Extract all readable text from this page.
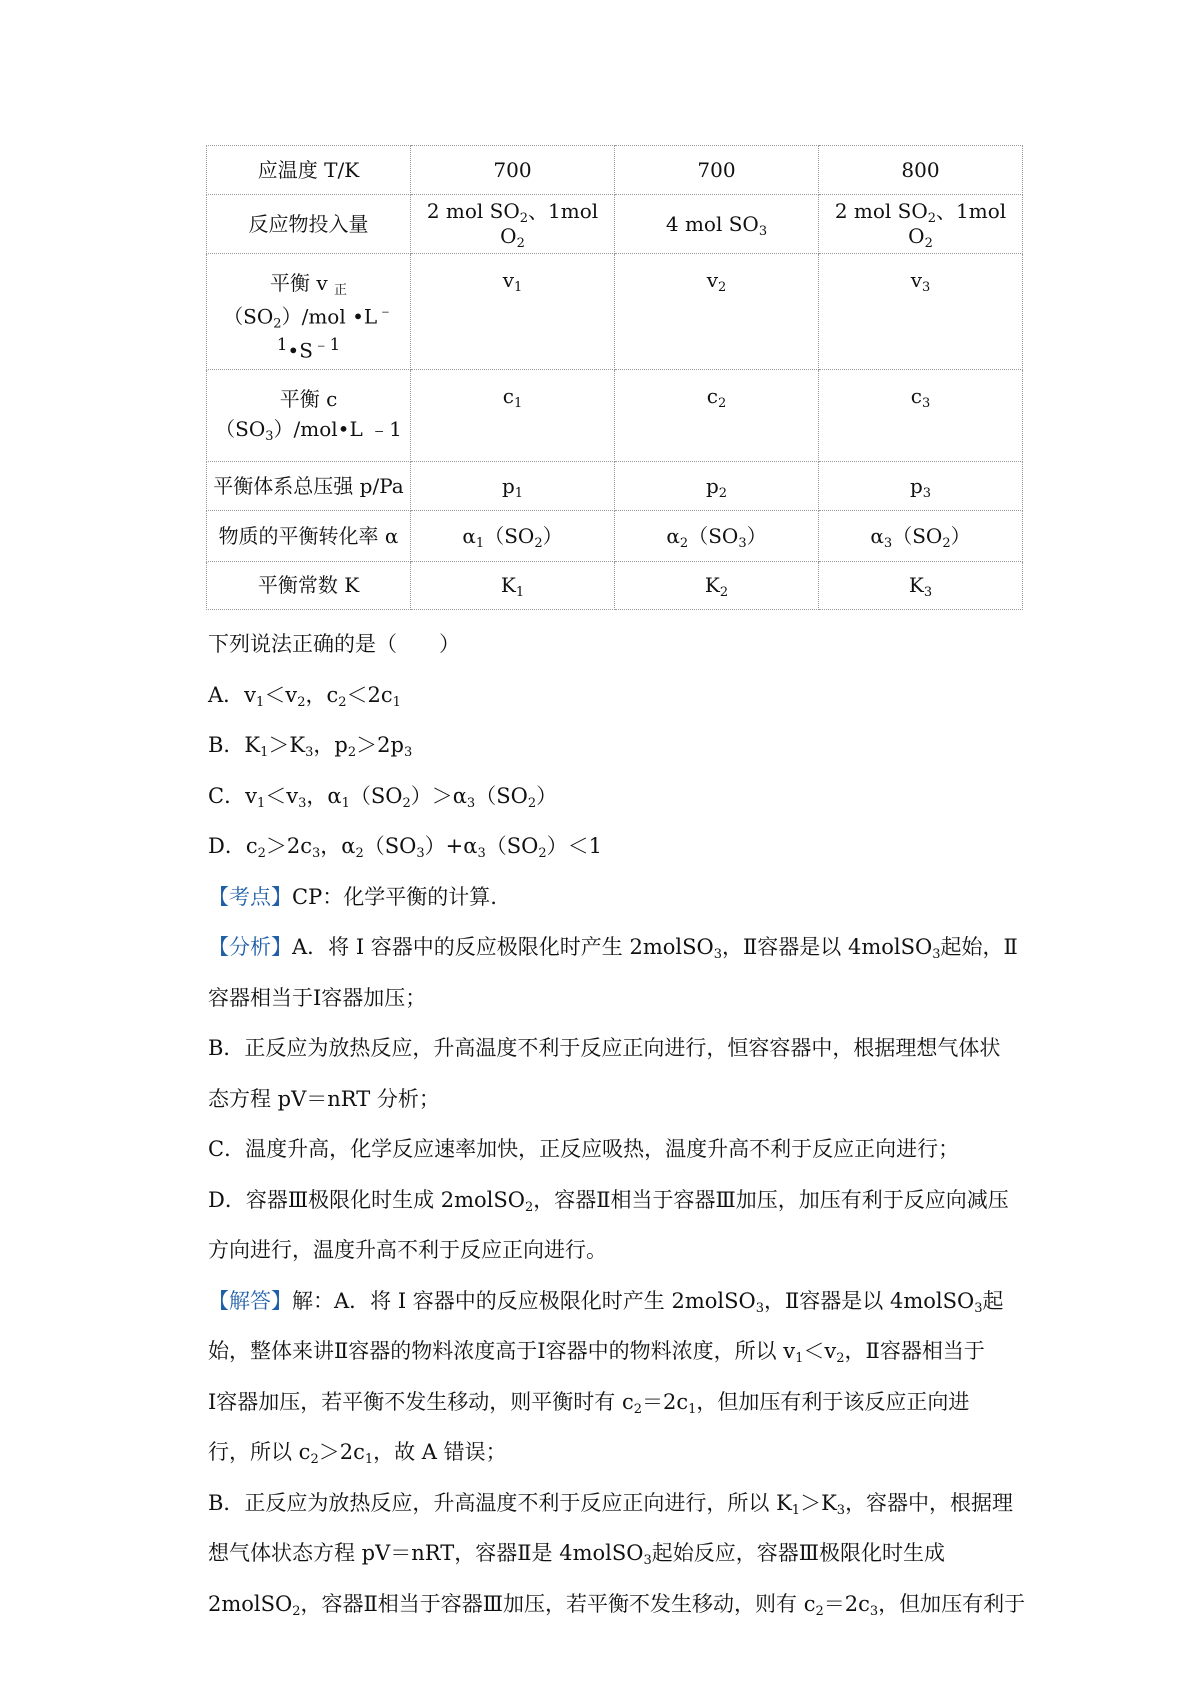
应温度 T/K	700	700	800
反应物投入量	2 mol $SO_2$、1mol $O_2$	4 mol $SO_3$	2 mol $SO_2$、1mol $O_2$
平衡 v $_正(SO_2)$/mol $•L^{﹣1}•S^{﹣1}$	$v_1$	$v_2$	$v_3$
平衡 $c(SO_3)/mol•L$ ﹣1	$c_1$	$c_2$	$c_3$
平衡体系总压强 p/Pa	$p_1$	$p_2$	$p_3$
物质的平衡转化率 α	$\alpha_1(SO_2)$	$\alpha_2(SO_3)$	$\alpha_3(SO_2)$
平衡常数 K	$K_1$	$K_2$	$K_3$
下列说法正确的是（　　）
A．$v_1<v_2$，$c_2<2c_1$
B．$K_1>K_3$，$p_2>2p_3$
C．$v_1<v_3$，$\alpha_1(SO_2)>\alpha_3(SO_2)$
D．$c_2>2c_3$，$\alpha_2(SO_3)+\alpha_3(SO_2)<1$
【考点】CP：化学平衡的计算.
【分析】A．将 I 容器中的反应极限化时产生 2molSO$_3$，Ⅱ容器是以 4molSO$_3$起始，Ⅱ
容器相当于Ⅰ容器加压；
B．正反应为放热反应，升高温度不利于反应正向进行，恒容容器中，根据理想气体状
态方程 pV＝nRT 分析；
C．温度升高，化学反应速率加快，正反应吸热，温度升高不利于反应正向进行；
D．容器Ⅲ极限化时生成 2molSO$_2$，容器Ⅱ相当于容器Ⅲ加压，加压有利于反应向减压
方向进行，温度升高不利于反应正向进行。
【解答】解：A．将 I 容器中的反应极限化时产生 2molSO$_3$，Ⅱ容器是以 4molSO$_3$起
始，整体来讲Ⅱ容器的物料浓度高于Ⅰ容器中的物料浓度，所以 $v_1<v_2$，Ⅱ容器相当于
Ⅰ容器加压，若平衡不发生移动，则平衡时有 $c_2=2c_1$，但加压有利于该反应正向进
行，所以 $c_2>2c_1$，故 A 错误；
B．正反应为放热反应，升高温度不利于反应正向进行，所以 $K_1>K_3$，容器中，根据理
想气体状态方程 pV＝nRT，容器Ⅱ是 4molSO$_3$起始反应，容器Ⅲ极限化时生成
2molSO$_2$，容器Ⅱ相当于容器Ⅲ加压，若平衡不发生移动，则有 $c_2=2c_3$，但加压有利于
